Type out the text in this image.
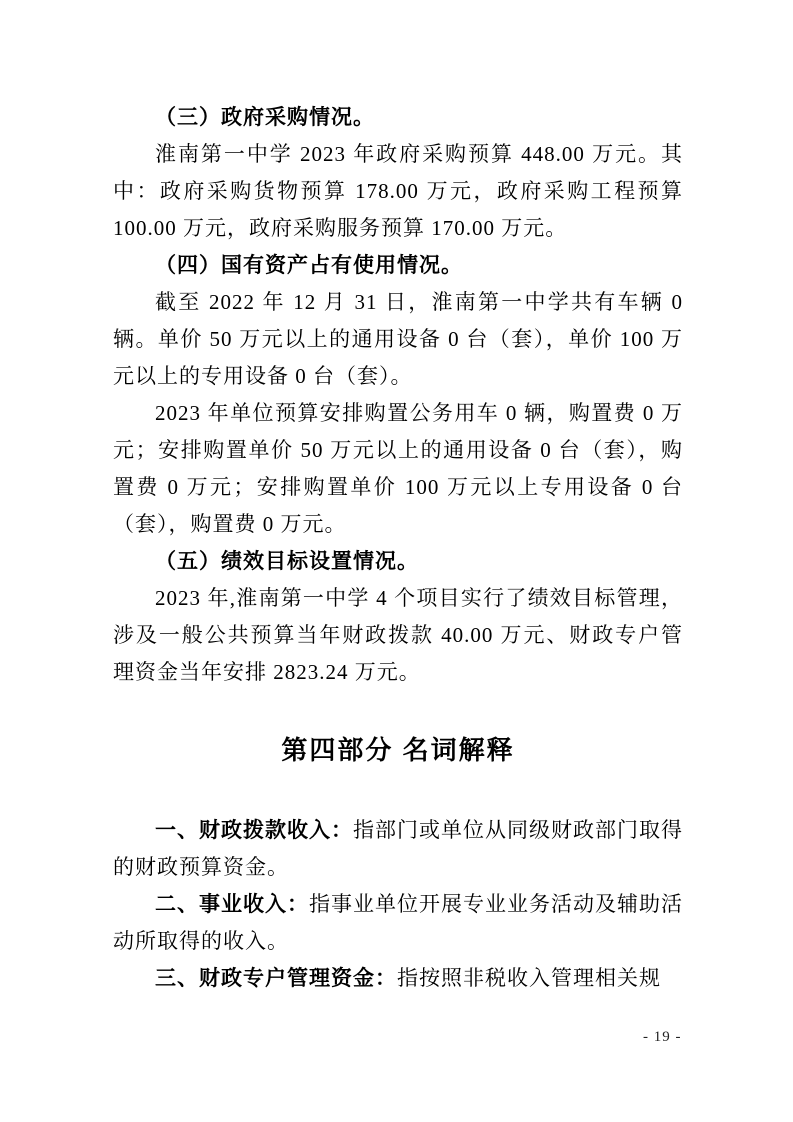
（三）政府采购情况。

淮南第一中学 2023 年政府采购预算 448.00 万元。其中：政府采购货物预算 178.00 万元，政府采购工程预算 100.00 万元，政府采购服务预算 170.00 万元。

（四）国有资产占有使用情况。

截至 2022 年 12 月 31 日，淮南第一中学共有车辆 0 辆。单价 50 万元以上的通用设备 0 台（套），单价 100 万元以上的专用设备 0 台（套）。

2023 年单位预算安排购置公务用车 0 辆，购置费 0 万元；安排购置单价 50 万元以上的通用设备 0 台（套），购置费 0 万元；安排购置单价 100 万元以上专用设备 0 台（套），购置费 0 万元。

（五）绩效目标设置情况。

2023 年,淮南第一中学 4 个项目实行了绩效目标管理，涉及一般公共预算当年财政拨款 40.00 万元、财政专户管理资金当年安排 2823.24 万元。

第四部分 名词解释

一、财政拨款收入：指部门或单位从同级财政部门取得的财政预算资金。

二、事业收入：指事业单位开展专业业务活动及辅助活动所取得的收入。

三、财政专户管理资金：指按照非税收入管理相关规

- 19 -
